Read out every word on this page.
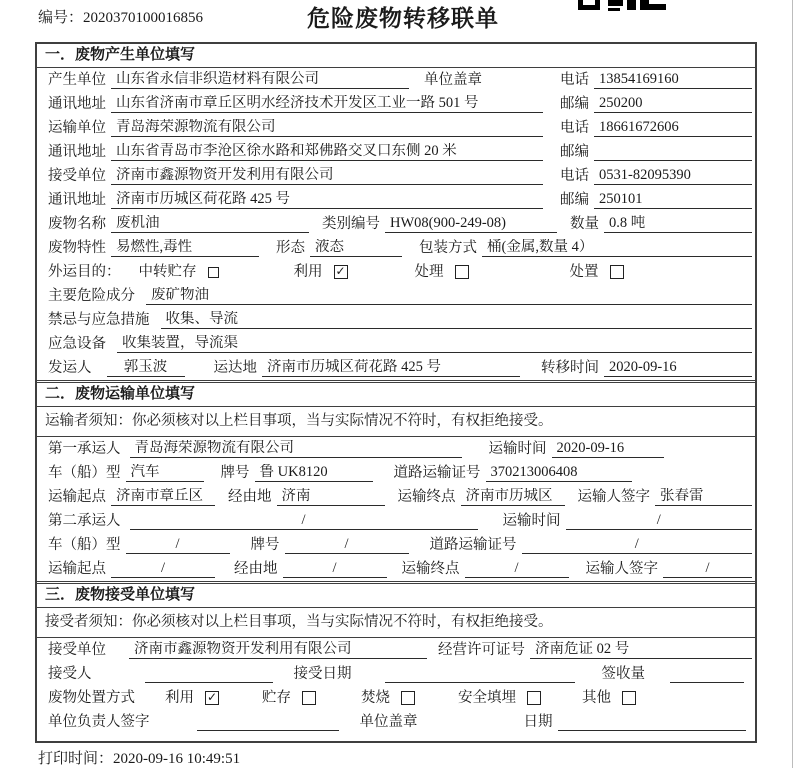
编号：2020370100016856	危险废物转移联单
一．废物产生单位填写
产生单位 山东省永信非织造材料有限公司	单位盖章	电话 13854169160
通讯地址 山东省济南市章丘区明水经济技术开发区工业一路 501 号	邮编 250200
运输单位 青岛海荣源物流有限公司	电话 18661672606
通讯地址 山东省青岛市李沧区徐水路和郑佛路交叉口东侧 20 米	邮编
接受单位 济南市鑫源物资开发利用有限公司	电话 0531-82095390
通讯地址 济南市历城区荷花路 425 号	邮编 250101
废物名称 废机油	类别编号 HW08(900-249-08)	数量 0.8 吨
废物特性 易燃性,毒性	形态 液态	包装方式 桶(金属,数量 4）
外运目的：	中转贮存	利用	✓	处理	处置
主要危险成分	废矿物油
禁忌与应急措施	收集、导流
应急设备	收集装置，导流渠
发运人	郭玉波	运达地 济南市历城区荷花路 425 号	转移时间 2020-09-16
二．废物运输单位填写
运输者须知：你必须核对以上栏目事项，当与实际情况不符时，有权拒绝接受。
第一承运人 青岛海荣源物流有限公司	运输时间 2020-09-16
车（船）型 汽车	牌号 鲁 UK8120	道路运输证号 370213006408
运输起点 济南市章丘区	经由地 济南	运输终点 济南市历城区	运输人签字 张春雷
第二承运人	/	运输时间	/
车（船）型	/	牌号	/	道路运输证号	/
运输起点	/	经由地	/	运输终点	/	运输人签字	/
三．废物接受单位填写
接受者须知：你必须核对以上栏目事项，当与实际情况不符时，有权拒绝接受。
接受单位	济南市鑫源物资开发利用有限公司	经营许可证号 济南危证 02 号
接受人	接受日期	签收量
废物处置方式	利用	✓	贮存	焚烧	安全填埋	其他
单位负责人签字	单位盖章	日期
打印时间：2020-09-16 10:49:51
